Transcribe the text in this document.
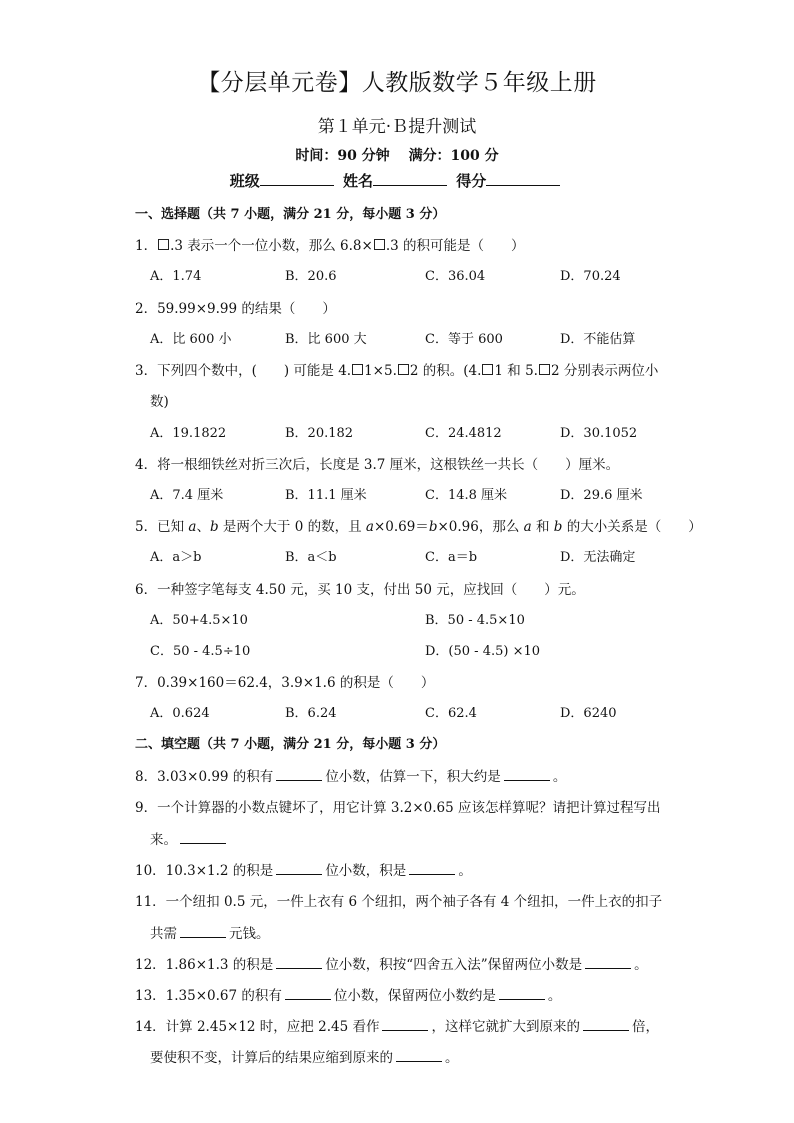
【分层单元卷】人教版数学５年级上册
第１单元·Ｂ提升测试
时间：90 分钟 满分：100 分
班级	姓名	得分
一、选择题（共 7 小题，满分 21 分，每小题 3 分）
1． .3 表示一个一位小数，那么 6.8× .3 的积可能是（　　）
A．1.74	B．20.6	C．36.04	D．70.24
2．59.99×9.99 的结果（　　）
A．比 600 小	B．比 600 大	C．等于 600	D．不能估算
3．下列四个数中，(　　) 可能是 4. 1×5. 2 的积。(4. 1 和 5. 2 分别表示两位小
数)
A．19.1822	B．20.182	C．24.4812	D．30.1052
4．将一根细铁丝对折三次后，长度是 3.7 厘米，这根铁丝一共长（　　）厘米。
A．7.4 厘米	B．11.1 厘米	C．14.8 厘米	D．29.6 厘米
5．已知 a、b 是两个大于 0 的数，且 a×0.69＝b×0.96，那么 a 和 b 的大小关系是（　　）
A．a＞b	B．a＜b	C．a＝b	D．无法确定
6．一种签字笔每支 4.50 元，买 10 支，付出 50 元，应找回（　　）元。
A．50+4.5×10	B．50 - 4.5×10
C．50 - 4.5÷10	D．(50 - 4.5) ×10
7．0.39×160＝62.4，3.9×1.6 的积是（　　）
A．0.624	B．6.24	C．62.4	D．6240
二、填空题（共 7 小题，满分 21 分，每小题 3 分）
8．3.03×0.99 的积有	位小数，估算一下，积大约是	。
9．一个计算器的小数点键坏了，用它计算 3.2×0.65 应该怎样算呢？请把计算过程写出
来。
10．10.3×1.2 的积是	位小数，积是	。
11．一个纽扣 0.5 元，一件上衣有 6 个纽扣，两个袖子各有 4 个纽扣，一件上衣的扣子
共需	元钱。
12．1.86×1.3 的积是	位小数，积按“四舍五入法”保留两位小数是	。
13．1.35×0.67 的积有	位小数，保留两位小数约是	。
14．计算 2.45×12 时，应把 2.45 看作	，这样它就扩大到原来的	倍，
要使积不变，计算后的结果应缩到原来的	。
